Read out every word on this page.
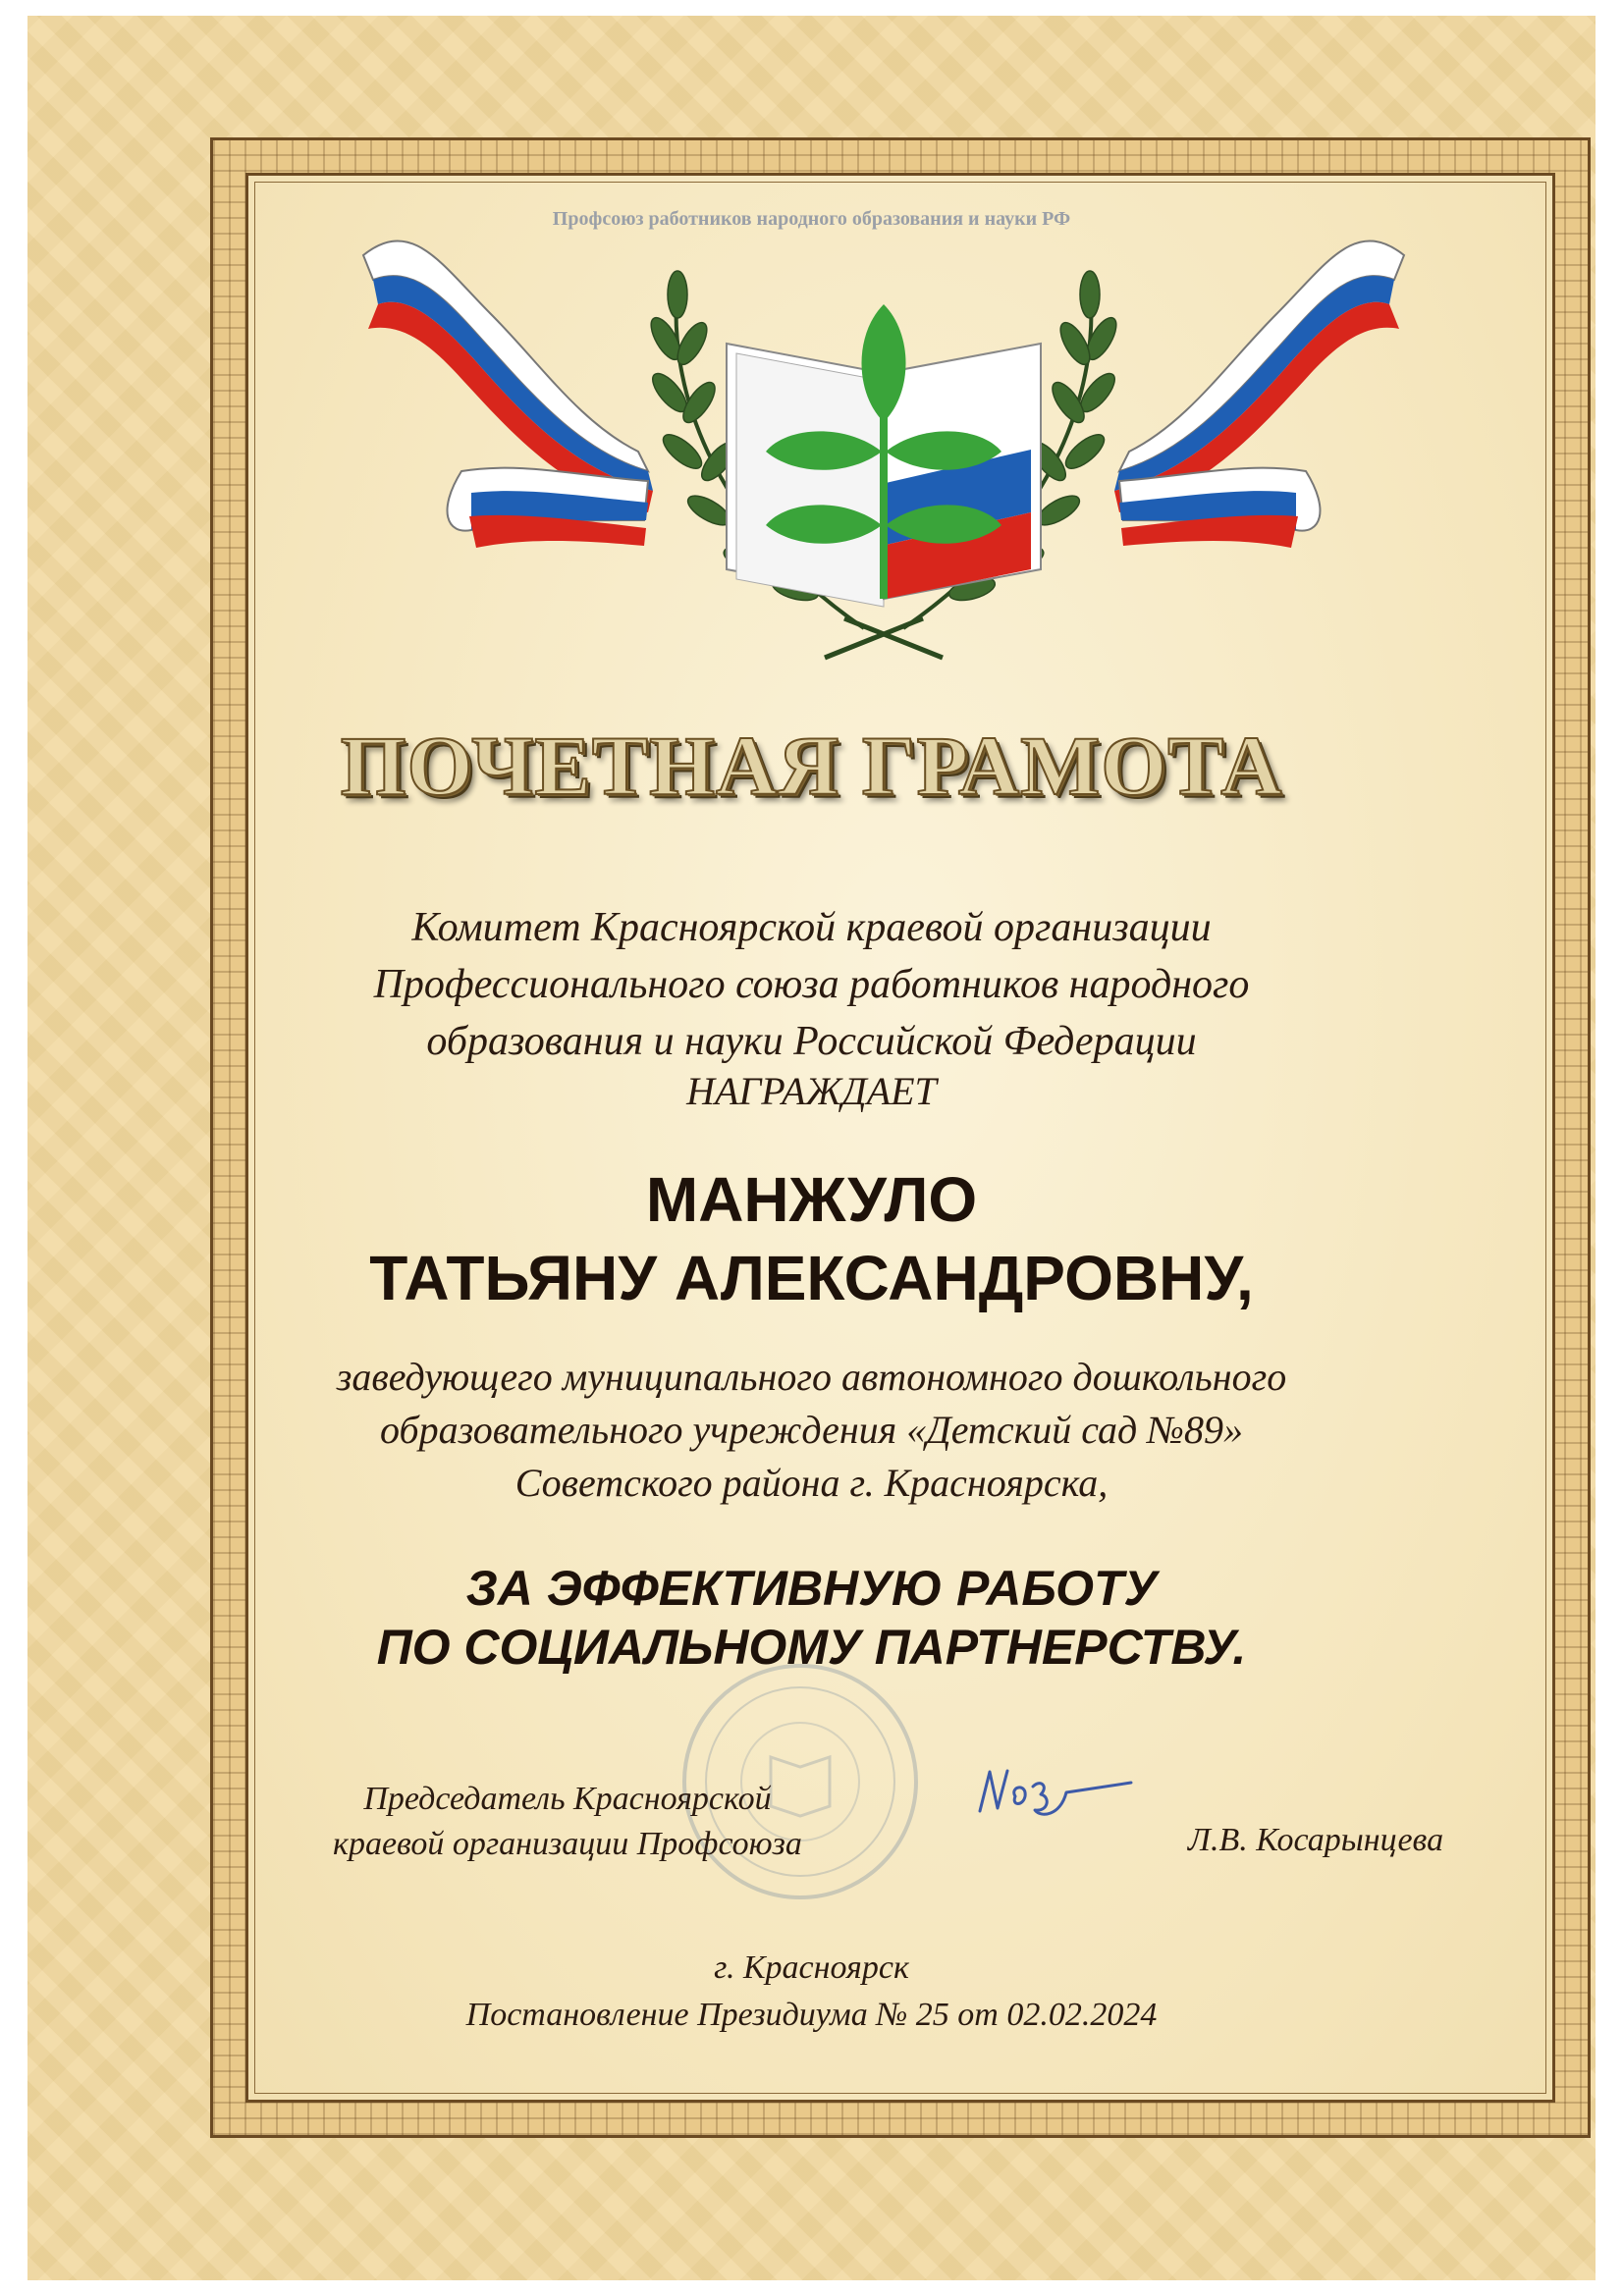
Профсоюз работников народного образования и науки РФ
ПОЧЕТНАЯ ГРАМОТА
Комитет Красноярской краевой организации
Профессионального союза работников народного
образования и науки Российской Федерации
НАГРАЖДАЕТ
МАНЖУЛО
ТАТЬЯНУ АЛЕКСАНДРОВНУ,
заведующего муниципального автономного дошкольного
образовательного учреждения «Детский сад №89»
Советского района г. Красноярска,
ЗА ЭФФЕКТИВНУЮ РАБОТУ
ПО СОЦИАЛЬНОМУ ПАРТНЕРСТВУ.
Председатель Красноярской
краевой организации Профсоюза	Л.В. Косарынцева
г. Красноярск
Постановление Президиума № 25 от 02.02.2024
